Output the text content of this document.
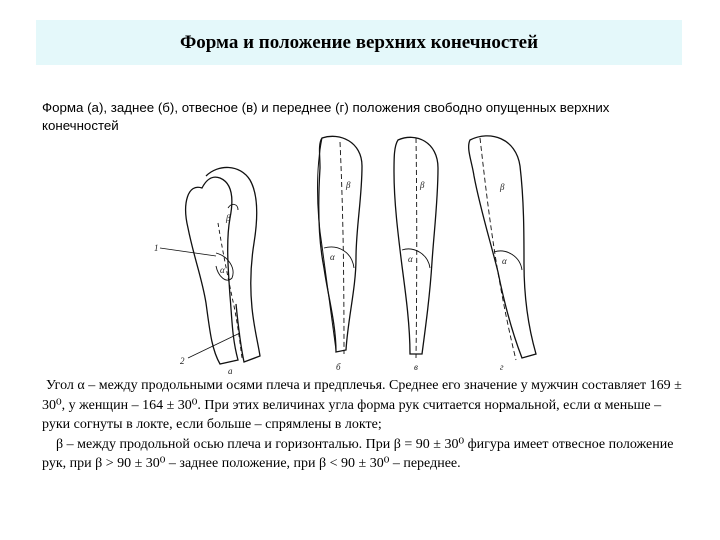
Форма и положение верхних конечностей
Форма (а), заднее (б), отвесное (в) и переднее (г) положения свободно опущенных верхних конечностей
1
2
β
α
а
β
α
б
β
α
в
β
α
г

Угол α – между продольными осями плеча и предплечья. Среднее его значение у мужчин составляет 169 ± 30⁰, у женщин – 164 ± 30⁰. При этих величинах угла форма рук считается нормальной, если α меньше – руки согнуты в локте, если больше – спрямлены в локте;

β – между продольной осью плеча и горизонталью. При β = 90 ± 30⁰ фигура имеет отвесное положение рук, при β > 90 ± 30⁰ – заднее положение, при β < 90 ± 30⁰ – переднее.
